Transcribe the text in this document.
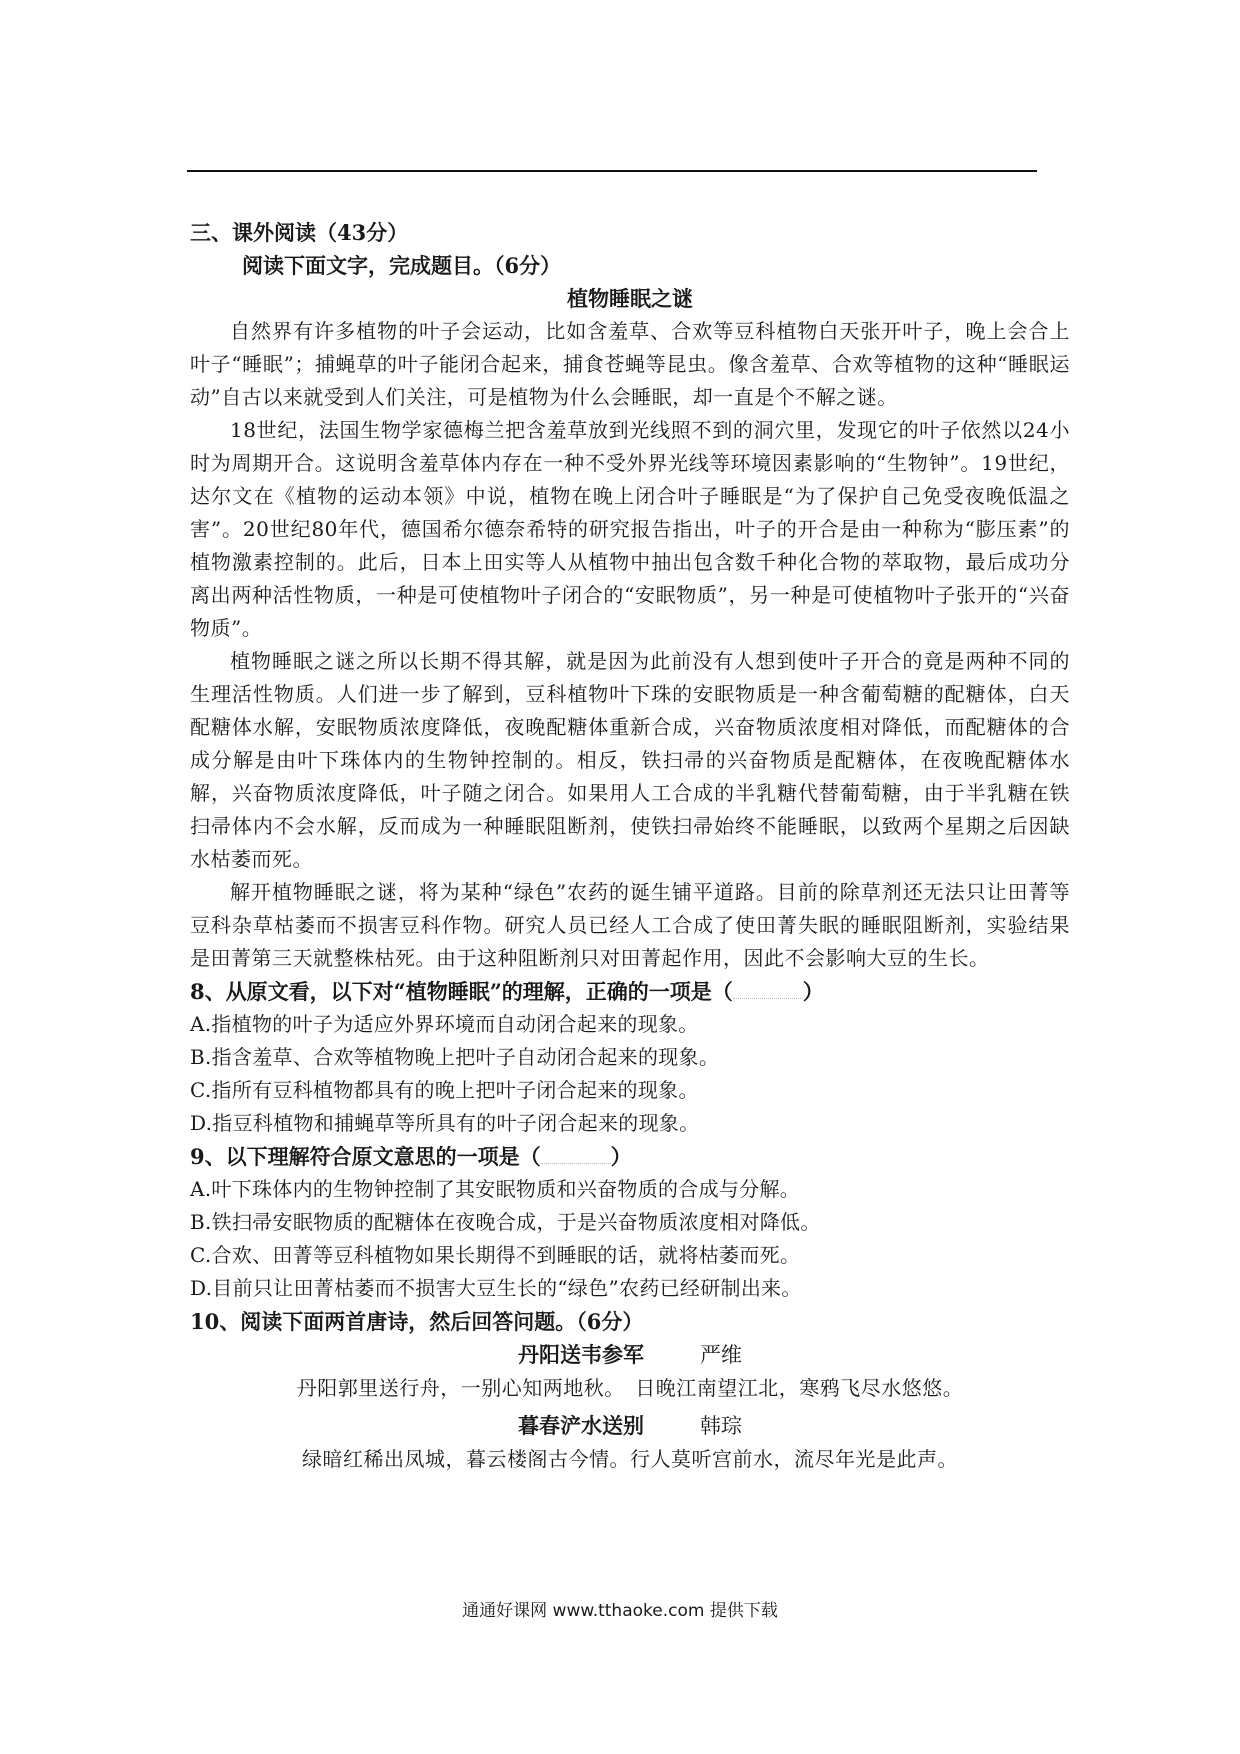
三、课外阅读（43分）

阅读下面文字，完成题目。（6分）

植物睡眠之谜

自然界有许多植物的叶子会运动，比如含羞草、合欢等豆科植物白天张开叶子，晚上会合上叶子“睡眠”；捕蝇草的叶子能闭合起来，捕食苍蝇等昆虫。像含羞草、合欢等植物的这种“睡眠运动”自古以来就受到人们关注，可是植物为什么会睡眠，却一直是个不解之谜。

18世纪，法国生物学家德梅兰把含羞草放到光线照不到的洞穴里，发现它的叶子依然以24小时为周期开合。这说明含羞草体内存在一种不受外界光线等环境因素影响的“生物钟”。19世纪，达尔文在《植物的运动本领》中说，植物在晚上闭合叶子睡眠是“为了保护自己免受夜晚低温之害”。20世纪80年代，德国希尔德奈希特的研究报告指出，叶子的开合是由一种称为“膨压素”的植物激素控制的。此后，日本上田实等人从植物中抽出包含数千种化合物的萃取物，最后成功分离出两种活性物质，一种是可使植物叶子闭合的“安眠物质”，另一种是可使植物叶子张开的“兴奋物质”。

植物睡眠之谜之所以长期不得其解，就是因为此前没有人想到使叶子开合的竟是两种不同的生理活性物质。人们进一步了解到，豆科植物叶下珠的安眠物质是一种含葡萄糖的配糖体，白天配糖体水解，安眠物质浓度降低，夜晚配糖体重新合成，兴奋物质浓度相对降低，而配糖体的合成分解是由叶下珠体内的生物钟控制的。相反，铁扫帚的兴奋物质是配糖体，在夜晚配糖体水解，兴奋物质浓度降低，叶子随之闭合。如果用人工合成的半乳糖代替葡萄糖，由于半乳糖在铁扫帚体内不会水解，反而成为一种睡眠阻断剂，使铁扫帚始终不能睡眠，以致两个星期之后因缺水枯萎而死。

解开植物睡眠之谜，将为某种“绿色”农药的诞生铺平道路。目前的除草剂还无法只让田菁等豆科杂草枯萎而不损害豆科作物。研究人员已经人工合成了使田菁失眠的睡眠阻断剂，实验结果是田菁第三天就整株枯死。由于这种阻断剂只对田菁起作用，因此不会影响大豆的生长。

8、从原文看，以下对“植物睡眠”的理解，正确的一项是（	）

A.指植物的叶子为适应外界环境而自动闭合起来的现象。

B.指含羞草、合欢等植物晚上把叶子自动闭合起来的现象。

C.指所有豆科植物都具有的晚上把叶子闭合起来的现象。

D.指豆科植物和捕蝇草等所具有的叶子闭合起来的现象。

9、以下理解符合原文意思的一项是（	）

A.叶下珠体内的生物钟控制了其安眠物质和兴奋物质的合成与分解。

B.铁扫帚安眠物质的配糖体在夜晚合成，于是兴奋物质浓度相对降低。

C.合欢、田菁等豆科植物如果长期得不到睡眠的话，就将枯萎而死。

D.目前只让田菁枯萎而不损害大豆生长的“绿色”农药已经研制出来。

10、阅读下面两首唐诗，然后回答问题。（6分）

丹阳送韦参军	严维

丹阳郭里送行舟，一别心知两地秋。　日晚江南望江北，寒鸦飞尽水悠悠。

暮春浐水送别	韩琮

绿暗红稀出凤城，暮云楼阁古今情。行人莫听宫前水，流尽年光是此声。

通通好课网 www.tthaoke.com 提供下载
